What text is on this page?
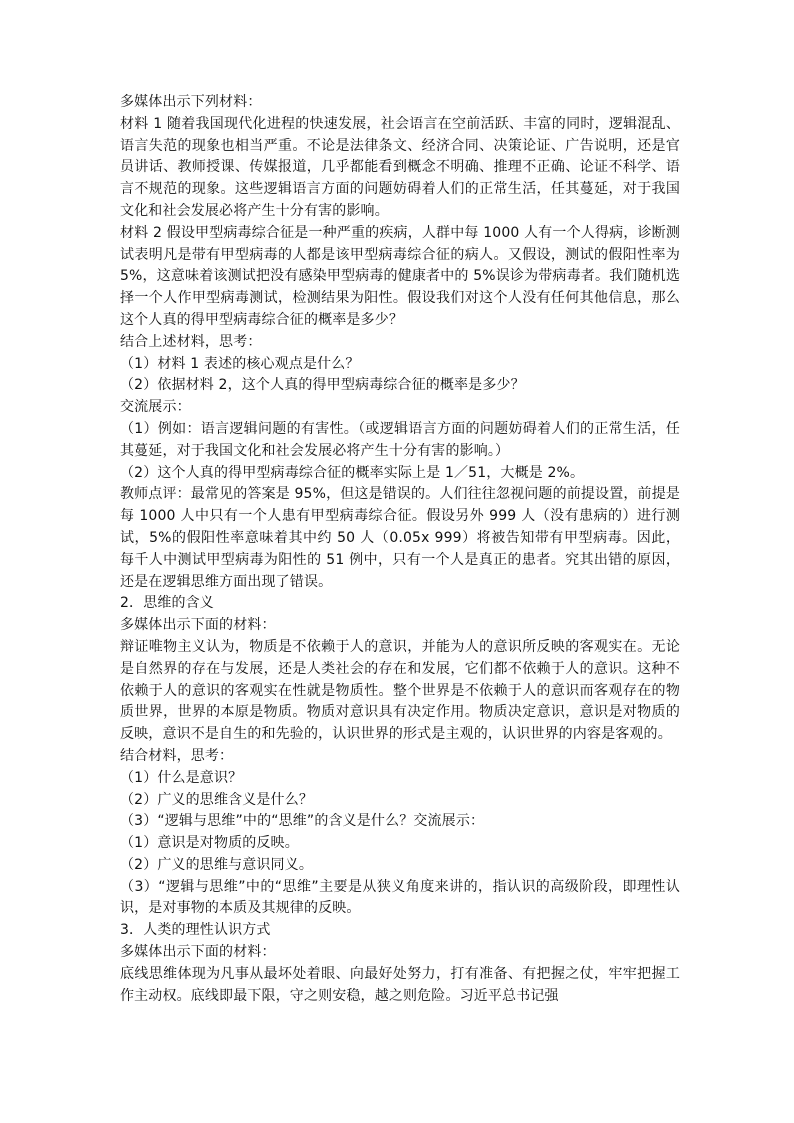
多媒体出示下列材料：

材料 1 随着我国现代化进程的快速发展，社会语言在空前活跃、丰富的同时，逻辑混乱、语言失范的现象也相当严重。不论是法律条文、经济合同、决策论证、广告说明，还是官员讲话、教师授课、传媒报道，几乎都能看到概念不明确、推理不正确、论证不科学、语言不规范的现象。这些逻辑语言方面的问题妨碍着人们的正常生活，任其蔓延，对于我国文化和社会发展必将产生十分有害的影响。

材料 2 假设甲型病毒综合征是一种严重的疾病，人群中每 1000 人有一个人得病，诊断测试表明凡是带有甲型病毒的人都是该甲型病毒综合征的病人。又假设，测试的假阳性率为 5%，这意味着该测试把没有感染甲型病毒的健康者中的 5%误诊为带病毒者。我们随机选择一个人作甲型病毒测试，检测结果为阳性。假设我们对这个人没有任何其他信息，那么这个人真的得甲型病毒综合征的概率是多少？

结合上述材料，思考：

（1）材料 1 表述的核心观点是什么？

（2）依据材料 2，这个人真的得甲型病毒综合征的概率是多少？

交流展示：

（1）例如：语言逻辑问题的有害性。（或逻辑语言方面的问题妨碍着人们的正常生活，任其蔓延，对于我国文化和社会发展必将产生十分有害的影响。）

（2）这个人真的得甲型病毒综合征的概率实际上是 1／51，大概是 2%。

教师点评：最常见的答案是 95%，但这是错误的。人们往往忽视问题的前提设置，前提是 每 1000 人中只有一个人患有甲型病毒综合征。假设另外 999 人（没有患病的）进行测试，5%的假阳性率意味着其中约 50 人（0.05x 999）将被告知带有甲型病毒。因此，每千人中测试甲型病毒为阳性的 51 例中，只有一个人是真正的患者。究其出错的原因，还是在逻辑思维方面出现了错误。

2．思维的含义

多媒体出示下面的材料：

辩证唯物主义认为，物质是不依赖于人的意识，并能为人的意识所反映的客观实在。无论是自然界的存在与发展，还是人类社会的存在和发展，它们都不依赖于人的意识。这种不依赖于人的意识的客观实在性就是物质性。整个世界是不依赖于人的意识而客观存在的物质世界，世界的本原是物质。物质对意识具有决定作用。物质决定意识，意识是对物质的反映，意识不是自生的和先验的，认识世界的形式是主观的，认识世界的内容是客观的。

结合材料，思考：

（1）什么是意识？

（2）广义的思维含义是什么？

（3）“逻辑与思维”中的“思维”的含义是什么？交流展示：

（1）意识是对物质的反映。

（2）广义的思维与意识同义。

（3）“逻辑与思维”中的“思维”主要是从狭义角度来讲的，指认识的高级阶段，即理性认识，是对事物的本质及其规律的反映。

3．人类的理性认识方式

多媒体出示下面的材料：

底线思维体现为凡事从最坏处着眼、向最好处努力，打有准备、有把握之仗，牢牢把握工作主动权。底线即最下限，守之则安稳，越之则危险。习近平总书记强
